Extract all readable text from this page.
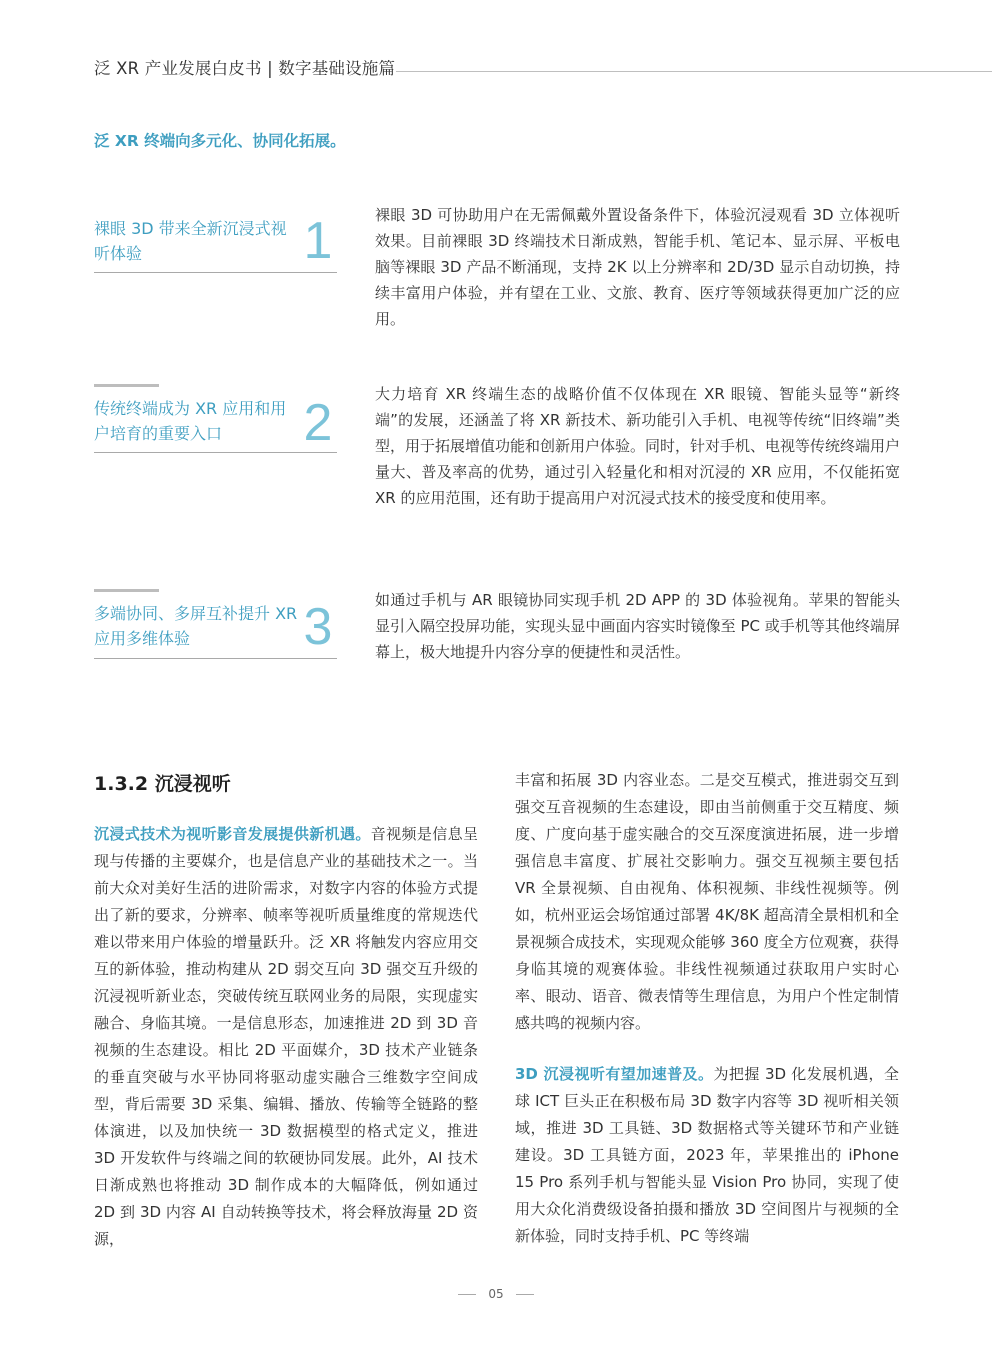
泛 XR 产业发展白皮书 | 数字基础设施篇
泛 XR 终端向多元化、协同化拓展。
裸眼 3D 带来全新沉浸式视听体验	1	裸眼 3D 可协助用户在无需佩戴外置设备条件下，体验沉浸观看 3D 立体视听效果。目前裸眼 3D 终端技术日渐成熟，智能手机、笔记本、显示屏、平板电脑等裸眼 3D 产品不断涌现，支持 2K 以上分辨率和 2D/3D 显示自动切换，持续丰富用户体验，并有望在工业、文旅、教育、医疗等领域获得更加广泛的应用。
传统终端成为 XR 应用和用户培育的重要入口	2	大力培育 XR 终端生态的战略价值不仅体现在 XR 眼镜、智能头显等“新终端”的发展，还涵盖了将 XR 新技术、新功能引入手机、电视等传统“旧终端”类型，用于拓展增值功能和创新用户体验。同时，针对手机、电视等传统终端用户量大、普及率高的优势，通过引入轻量化和相对沉浸的 XR 应用，不仅能拓宽 XR 的应用范围，还有助于提高用户对沉浸式技术的接受度和使用率。
多端协同、多屏互补提升 XR 应用多维体验	3	如通过手机与 AR 眼镜协同实现手机 2D APP 的 3D 体验视角。苹果的智能头显引入隔空投屏功能，实现头显中画面内容实时镜像至 PC 或手机等其他终端屏幕上，极大地提升内容分享的便捷性和灵活性。
1.3.2 沉浸视听
沉浸式技术为视听影音发展提供新机遇。音视频是信息呈现与传播的主要媒介，也是信息产业的基础技术之一。当前大众对美好生活的进阶需求，对数字内容的体验方式提出了新的要求，分辨率、帧率等视听质量维度的常规迭代难以带来用户体验的增量跃升。泛 XR 将触发内容应用交互的新体验，推动构建从 2D 弱交互向 3D 强交互升级的沉浸视听新业态，突破传统互联网业务的局限，实现虚实融合、身临其境。一是信息形态，加速推进 2D 到 3D 音视频的生态建设。相比 2D 平面媒介，3D 技术产业链条的垂直突破与水平协同将驱动虚实融合三维数字空间成型，背后需要 3D 采集、编辑、播放、传输等全链路的整体演进，以及加快统一 3D 数据模型的格式定义，推进 3D 开发软件与终端之间的软硬协同发展。此外，AI 技术日渐成熟也将推动 3D 制作成本的大幅降低，例如通过 2D 到 3D 内容 AI 自动转换等技术，将会释放海量 2D 资源，
丰富和拓展 3D 内容业态。二是交互模式，推进弱交互到强交互音视频的生态建设，即由当前侧重于交互精度、频度、广度向基于虚实融合的交互深度演进拓展，进一步增强信息丰富度、扩展社交影响力。强交互视频主要包括 VR 全景视频、自由视角、体积视频、非线性视频等。例如，杭州亚运会场馆通过部署 4K/8K 超高清全景相机和全景视频合成技术，实现观众能够 360 度全方位观赛，获得身临其境的观赛体验。非线性视频通过获取用户实时心率、眼动、语音、微表情等生理信息，为用户个性定制情感共鸣的视频内容。
3D 沉浸视听有望加速普及。为把握 3D 化发展机遇，全球 ICT 巨头正在积极布局 3D 数字内容等 3D 视听相关领域，推进 3D 工具链、3D 数据格式等关键环节和产业链建设。3D 工具链方面，2023 年，苹果推出的 iPhone 15 Pro 系列手机与智能头显 Vision Pro 协同，实现了使用大众化消费级设备拍摄和播放 3D 空间图片与视频的全新体验，同时支持手机、PC 等终端
05
